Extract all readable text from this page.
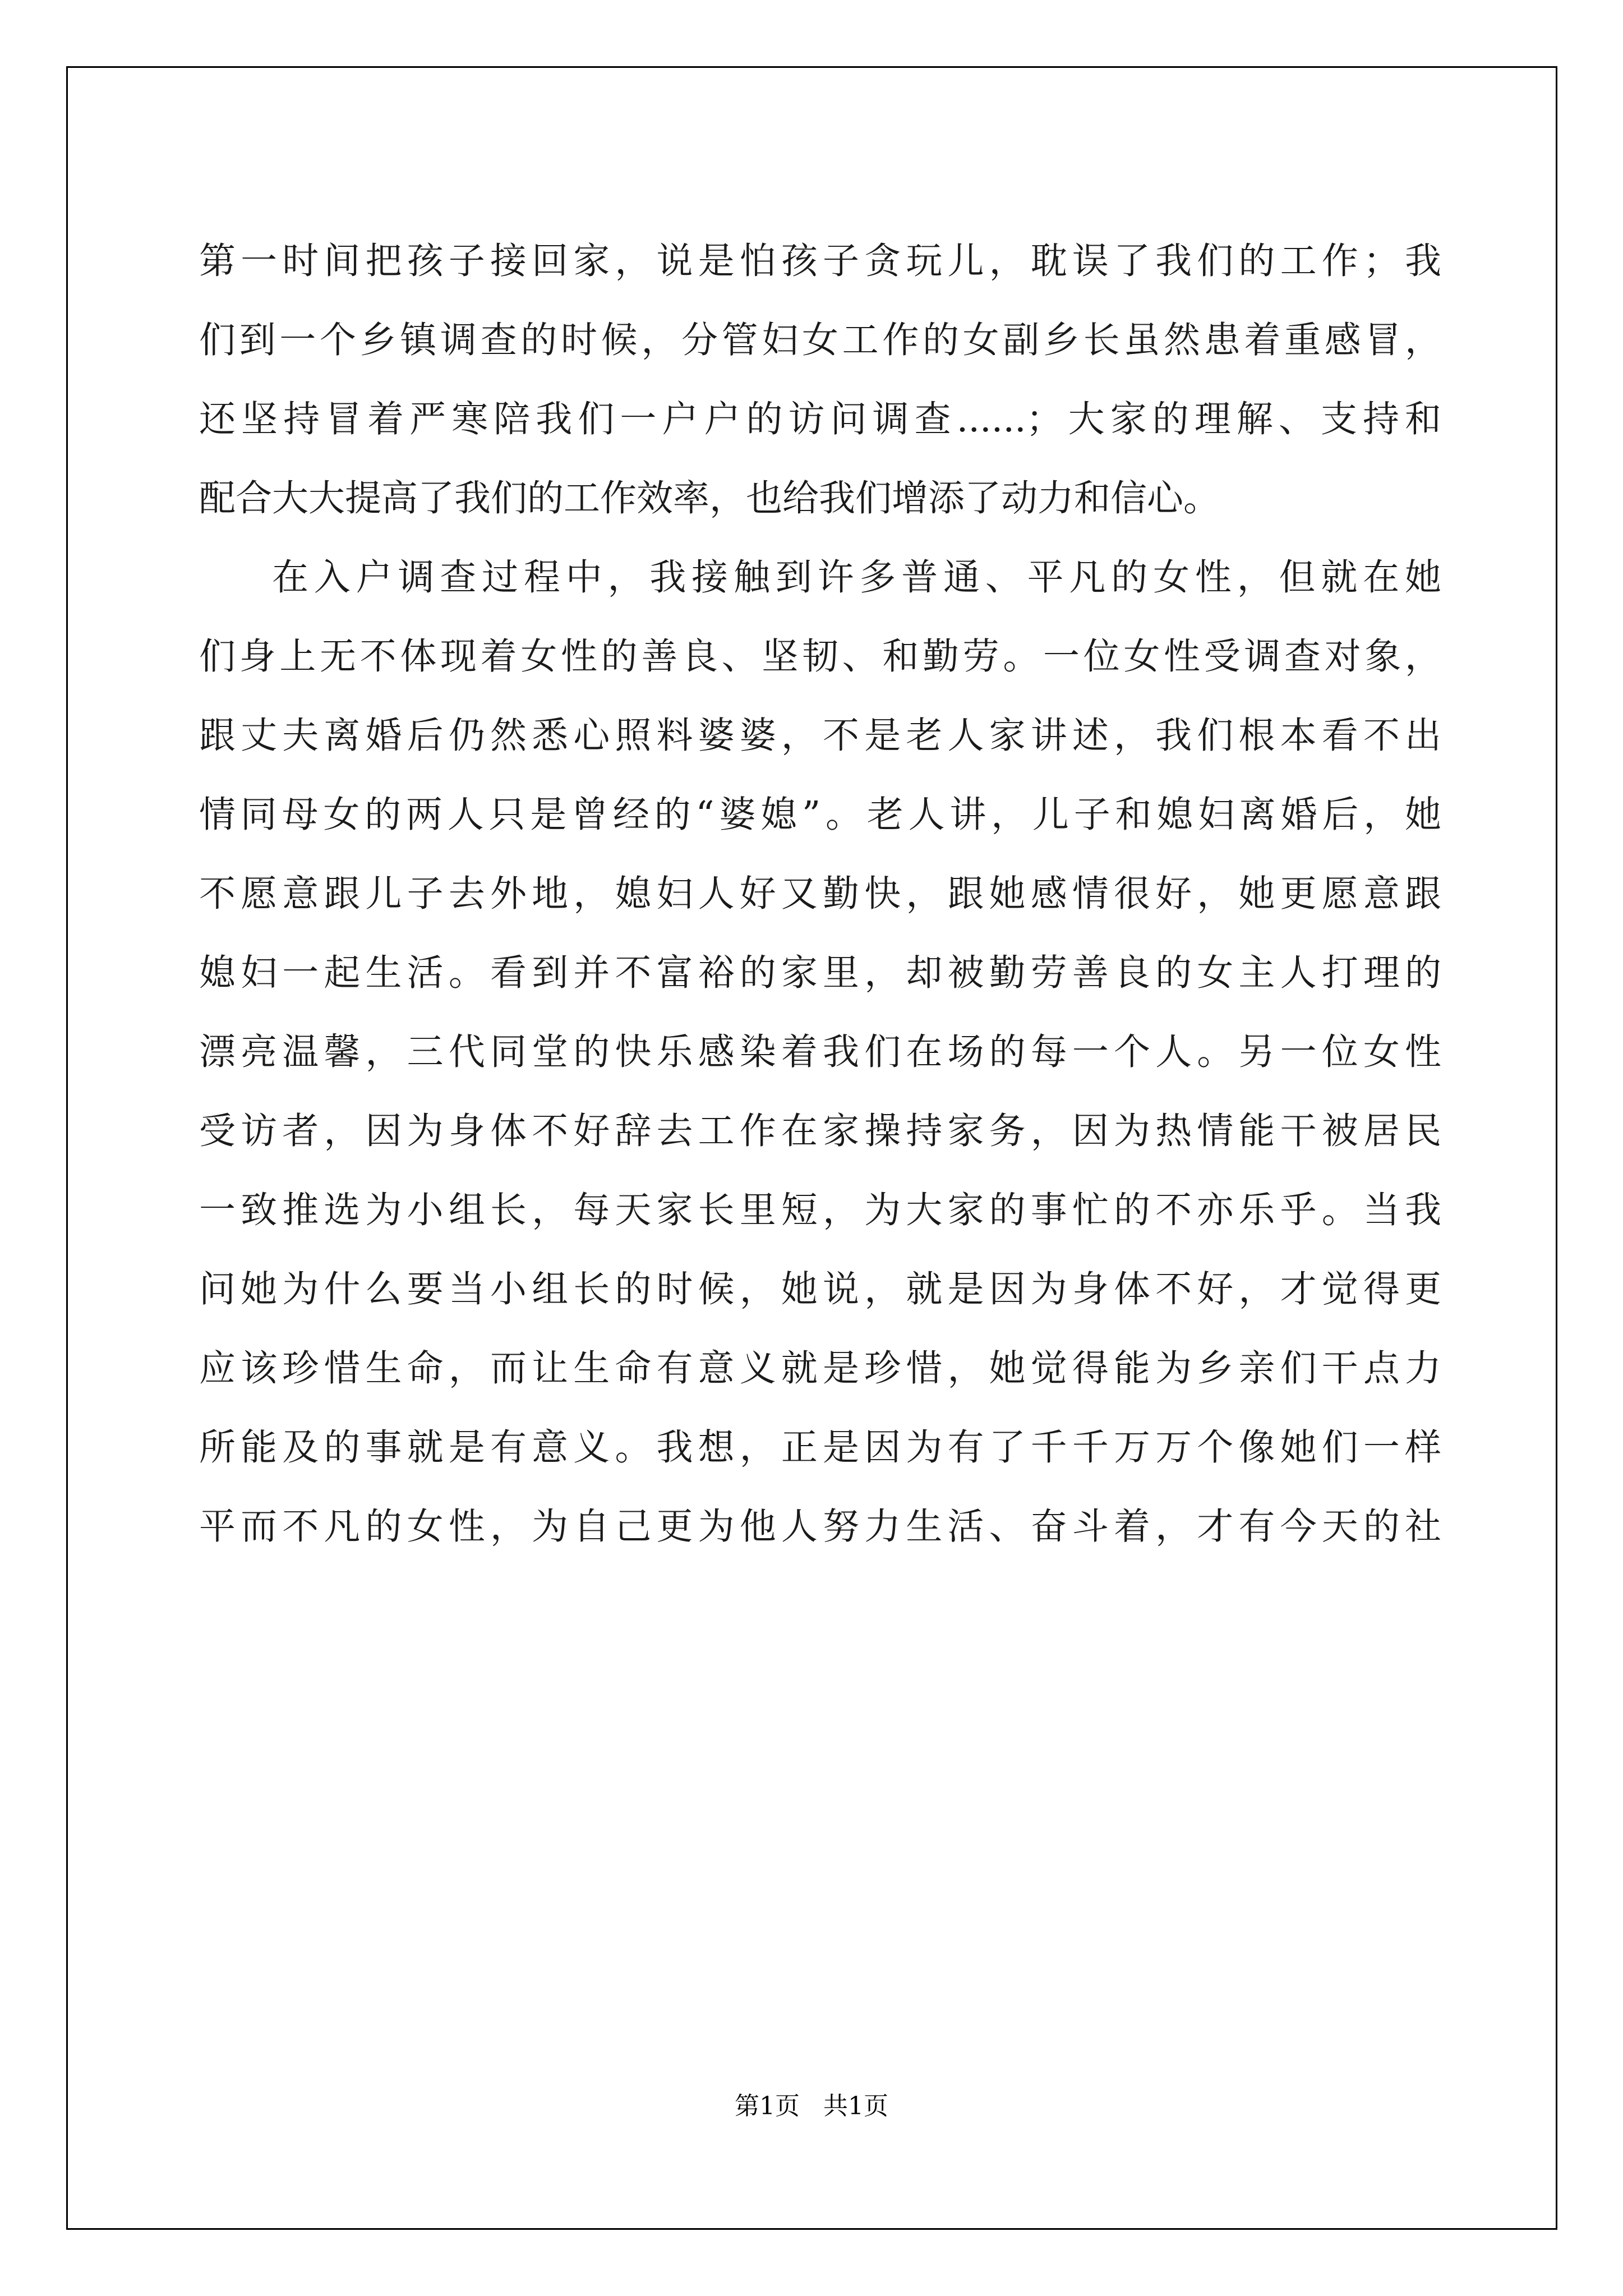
第一时间把孩子接回家，说是怕孩子贪玩儿，耽误了我们的工作；我
们到一个乡镇调查的时候，分管妇女工作的女副乡长虽然患着重感冒，
还坚持冒着严寒陪我们一户户的访问调查......；大家的理解、支持和
配合大大提高了我们的工作效率，也给我们增添了动力和信心。
在入户调查过程中，我接触到许多普通、平凡的女性，但就在她
们身上无不体现着女性的善良、坚韧、和勤劳。一位女性受调查对象，
跟丈夫离婚后仍然悉心照料婆婆，不是老人家讲述，我们根本看不出
情同母女的两人只是曾经的“婆媳”。老人讲，儿子和媳妇离婚后，她
不愿意跟儿子去外地，媳妇人好又勤快，跟她感情很好，她更愿意跟
媳妇一起生活。看到并不富裕的家里，却被勤劳善良的女主人打理的
漂亮温馨，三代同堂的快乐感染着我们在场的每一个人。另一位女性
受访者，因为身体不好辞去工作在家操持家务，因为热情能干被居民
一致推选为小组长，每天家长里短，为大家的事忙的不亦乐乎。当我
问她为什么要当小组长的时候，她说，就是因为身体不好，才觉得更
应该珍惜生命，而让生命有意义就是珍惜，她觉得能为乡亲们干点力
所能及的事就是有意义。我想，正是因为有了千千万万个像她们一样
平而不凡的女性，为自己更为他人努力生活、奋斗着，才有今天的社
第1页   共1页
